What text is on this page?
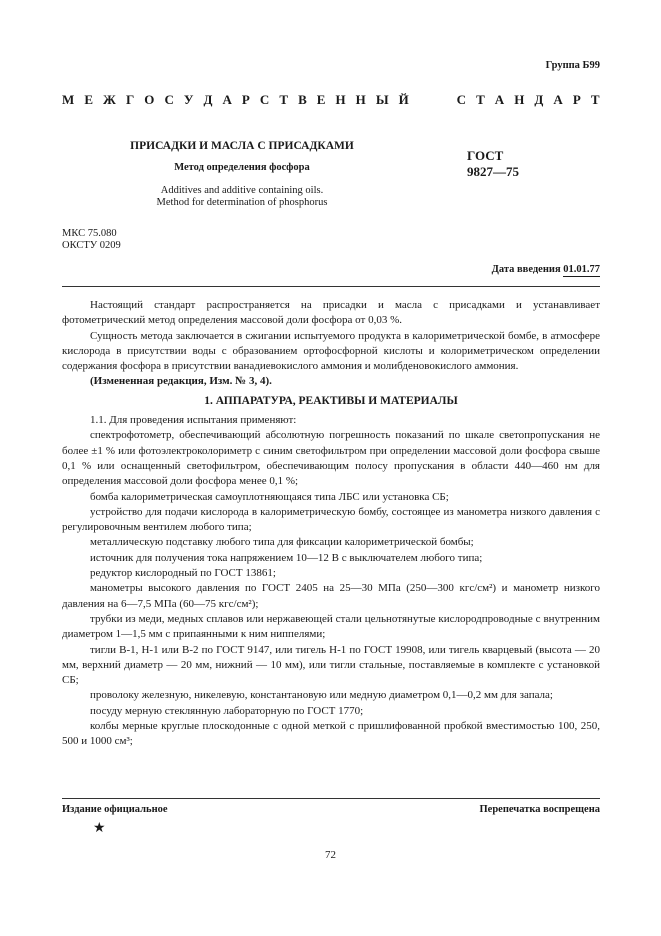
Группа Б99
М Е Ж Г О С У Д А Р С Т В Е Н Н Ы Й	С Т А Н Д А Р Т
ПРИСАДКИ И МАСЛА С ПРИСАДКАМИ
Метод определения фосфора
Additives and additive containing oils.
Method for determination of phosphorus
ГОСТ
9827—75
МКС 75.080
ОКСТУ 0209
Дата введения 01.01.77

Настоящий стандарт распространяется на присадки и масла с присадками и устанавливает фотометрический метод определения массовой доли фосфора от 0,03 %.

Сущность метода заключается в сжигании испытуемого продукта в калориметрической бомбе, в атмосфере кислорода в присутствии воды с образованием ортофосфорной кислоты и колориметрическом определении содержания фосфора в присутствии ванадиевокислого аммония и молибденовокислого аммония.

(Измененная редакция, Изм. № 3, 4).

1. АППАРАТУРА, РЕАКТИВЫ И МАТЕРИАЛЫ

1.1. Для проведения испытания применяют:

спектрофотометр, обеспечивающий абсолютную погрешность показаний по шкале светопропускания не более ±1 % или фотоэлектроколориметр с синим светофильтром при определении массовой доли фосфора свыше 0,1 % или оснащенный светофильтром, обеспечивающим полосу пропускания в области 440—460 нм для определения массовой доли фосфора менее 0,1 %;

бомба калориметрическая самоуплотняющаяся типа ЛБС или установка СБ;

устройство для подачи кислорода в калориметрическую бомбу, состоящее из манометра низкого давления с регулировочным вентилем любого типа;

металлическую подставку любого типа для фиксации калориметрической бомбы;

источник для получения тока напряжением 10—12 В с выключателем любого типа;

редуктор кислородный по ГОСТ 13861;

манометры высокого давления по ГОСТ 2405 на 25—30 МПа (250—300 кгс/см²) и манометр низкого давления на 6—7,5 МПа (60—75 кгс/см²);

трубки из меди, медных сплавов или нержавеющей стали цельнотянутые кислородпроводные с внутренним диаметром 1—1,5 мм с припаянными к ним ниппелями;

тигли В-1, Н-1 или В-2 по ГОСТ 9147, или тигель Н-1 по ГОСТ 19908, или тигель кварцевый (высота — 20 мм, верхний диаметр — 20 мм, нижний — 10 мм), или тигли стальные, поставляемые в комплекте с установкой СБ;

проволоку железную, никелевую, константановую или медную диаметром 0,1—0,2 мм для запала;

посуду мерную стеклянную лабораторную по ГОСТ 1770;

колбы мерные круглые плоскодонные с одной меткой с пришлифованной пробкой вместимостью 100, 250, 500 и 1000 см³;

Издание официальное	Перепечатка воспрещена
★
72
